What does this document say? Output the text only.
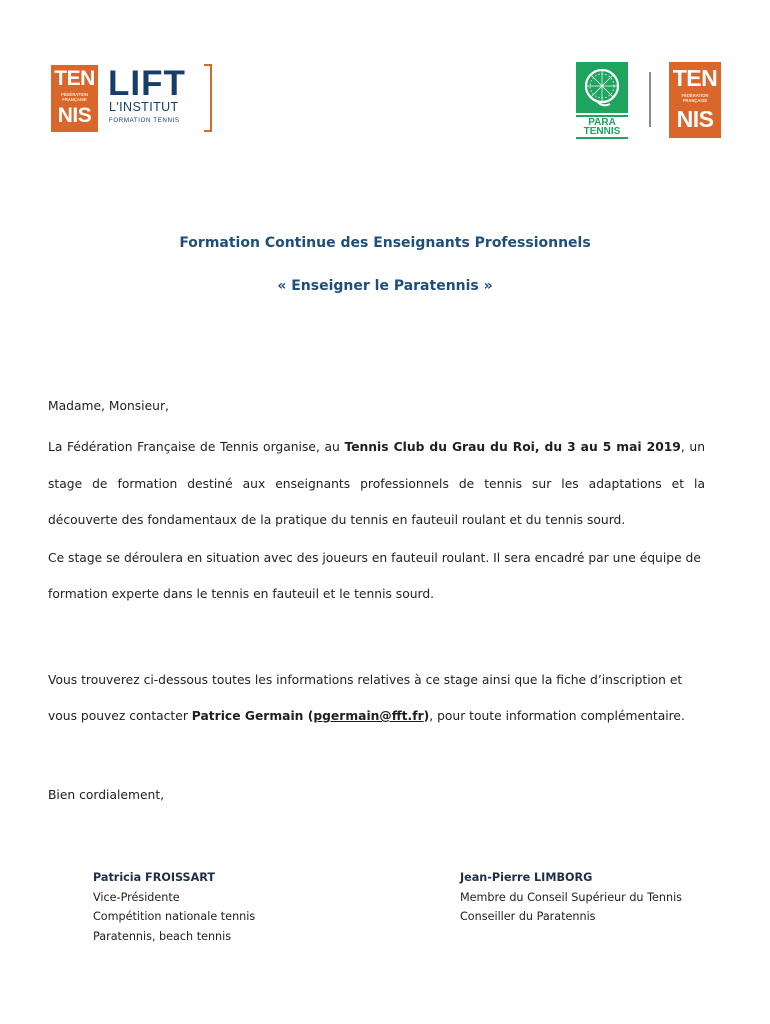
TEN
FÉDÉRATION
FRANÇAISE
NIS
LIFT
L'INSTITUT
FORMATION TENNIS	PARA
TENNIS
TEN
FÉDÉRATION
FRANÇAISE
NIS
Formation Continue des Enseignants Professionnels
« Enseigner le Paratennis »
Madame, Monsieur,
La Fédération Française de Tennis organise, au Tennis Club du Grau du Roi, du 3 au 5 mai 2019, un
stage de formation destiné aux enseignants professionnels de tennis sur les adaptations et la
découverte des fondamentaux de la pratique du tennis en fauteuil roulant et du tennis sourd.
Ce stage se déroulera en situation avec des joueurs en fauteuil roulant. Il sera encadré par une équipe de
formation experte dans le tennis en fauteuil et le tennis sourd.
Vous trouverez ci-dessous toutes les informations relatives à ce stage ainsi que la fiche d’inscription et
vous pouvez contacter Patrice Germain (pgermain@fft.fr), pour toute information complémentaire.
Bien cordialement,
Patricia FROISSART
Vice-Présidente
Compétition nationale tennis
Paratennis, beach tennis
Jean-Pierre LIMBORG
Membre du Conseil Supérieur du Tennis
Conseiller du Paratennis
